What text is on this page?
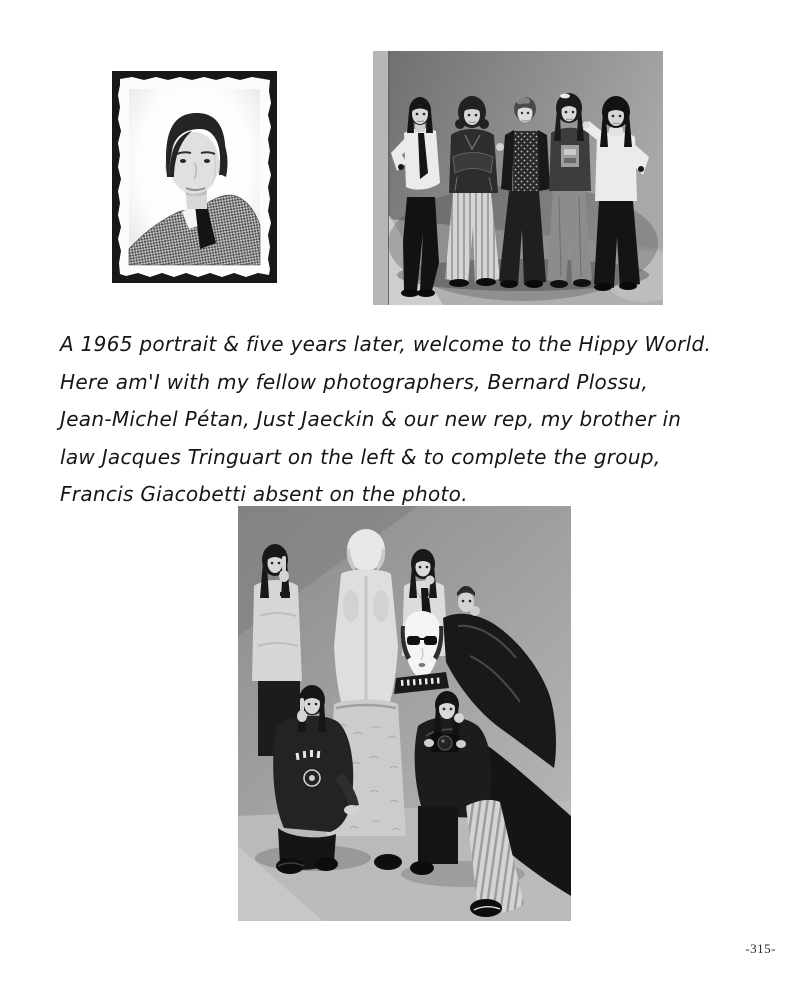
A 1965 portrait & five years later, welcome to the Hippy World.
Here am'I with my fellow photographers, Bernard Plossu,
Jean-Michel Pétan, Just Jaeckin & our new rep, my brother in
law Jacques Tringuart on the left & to complete the group,
Francis Giacobetti absent on the photo.
-315-
